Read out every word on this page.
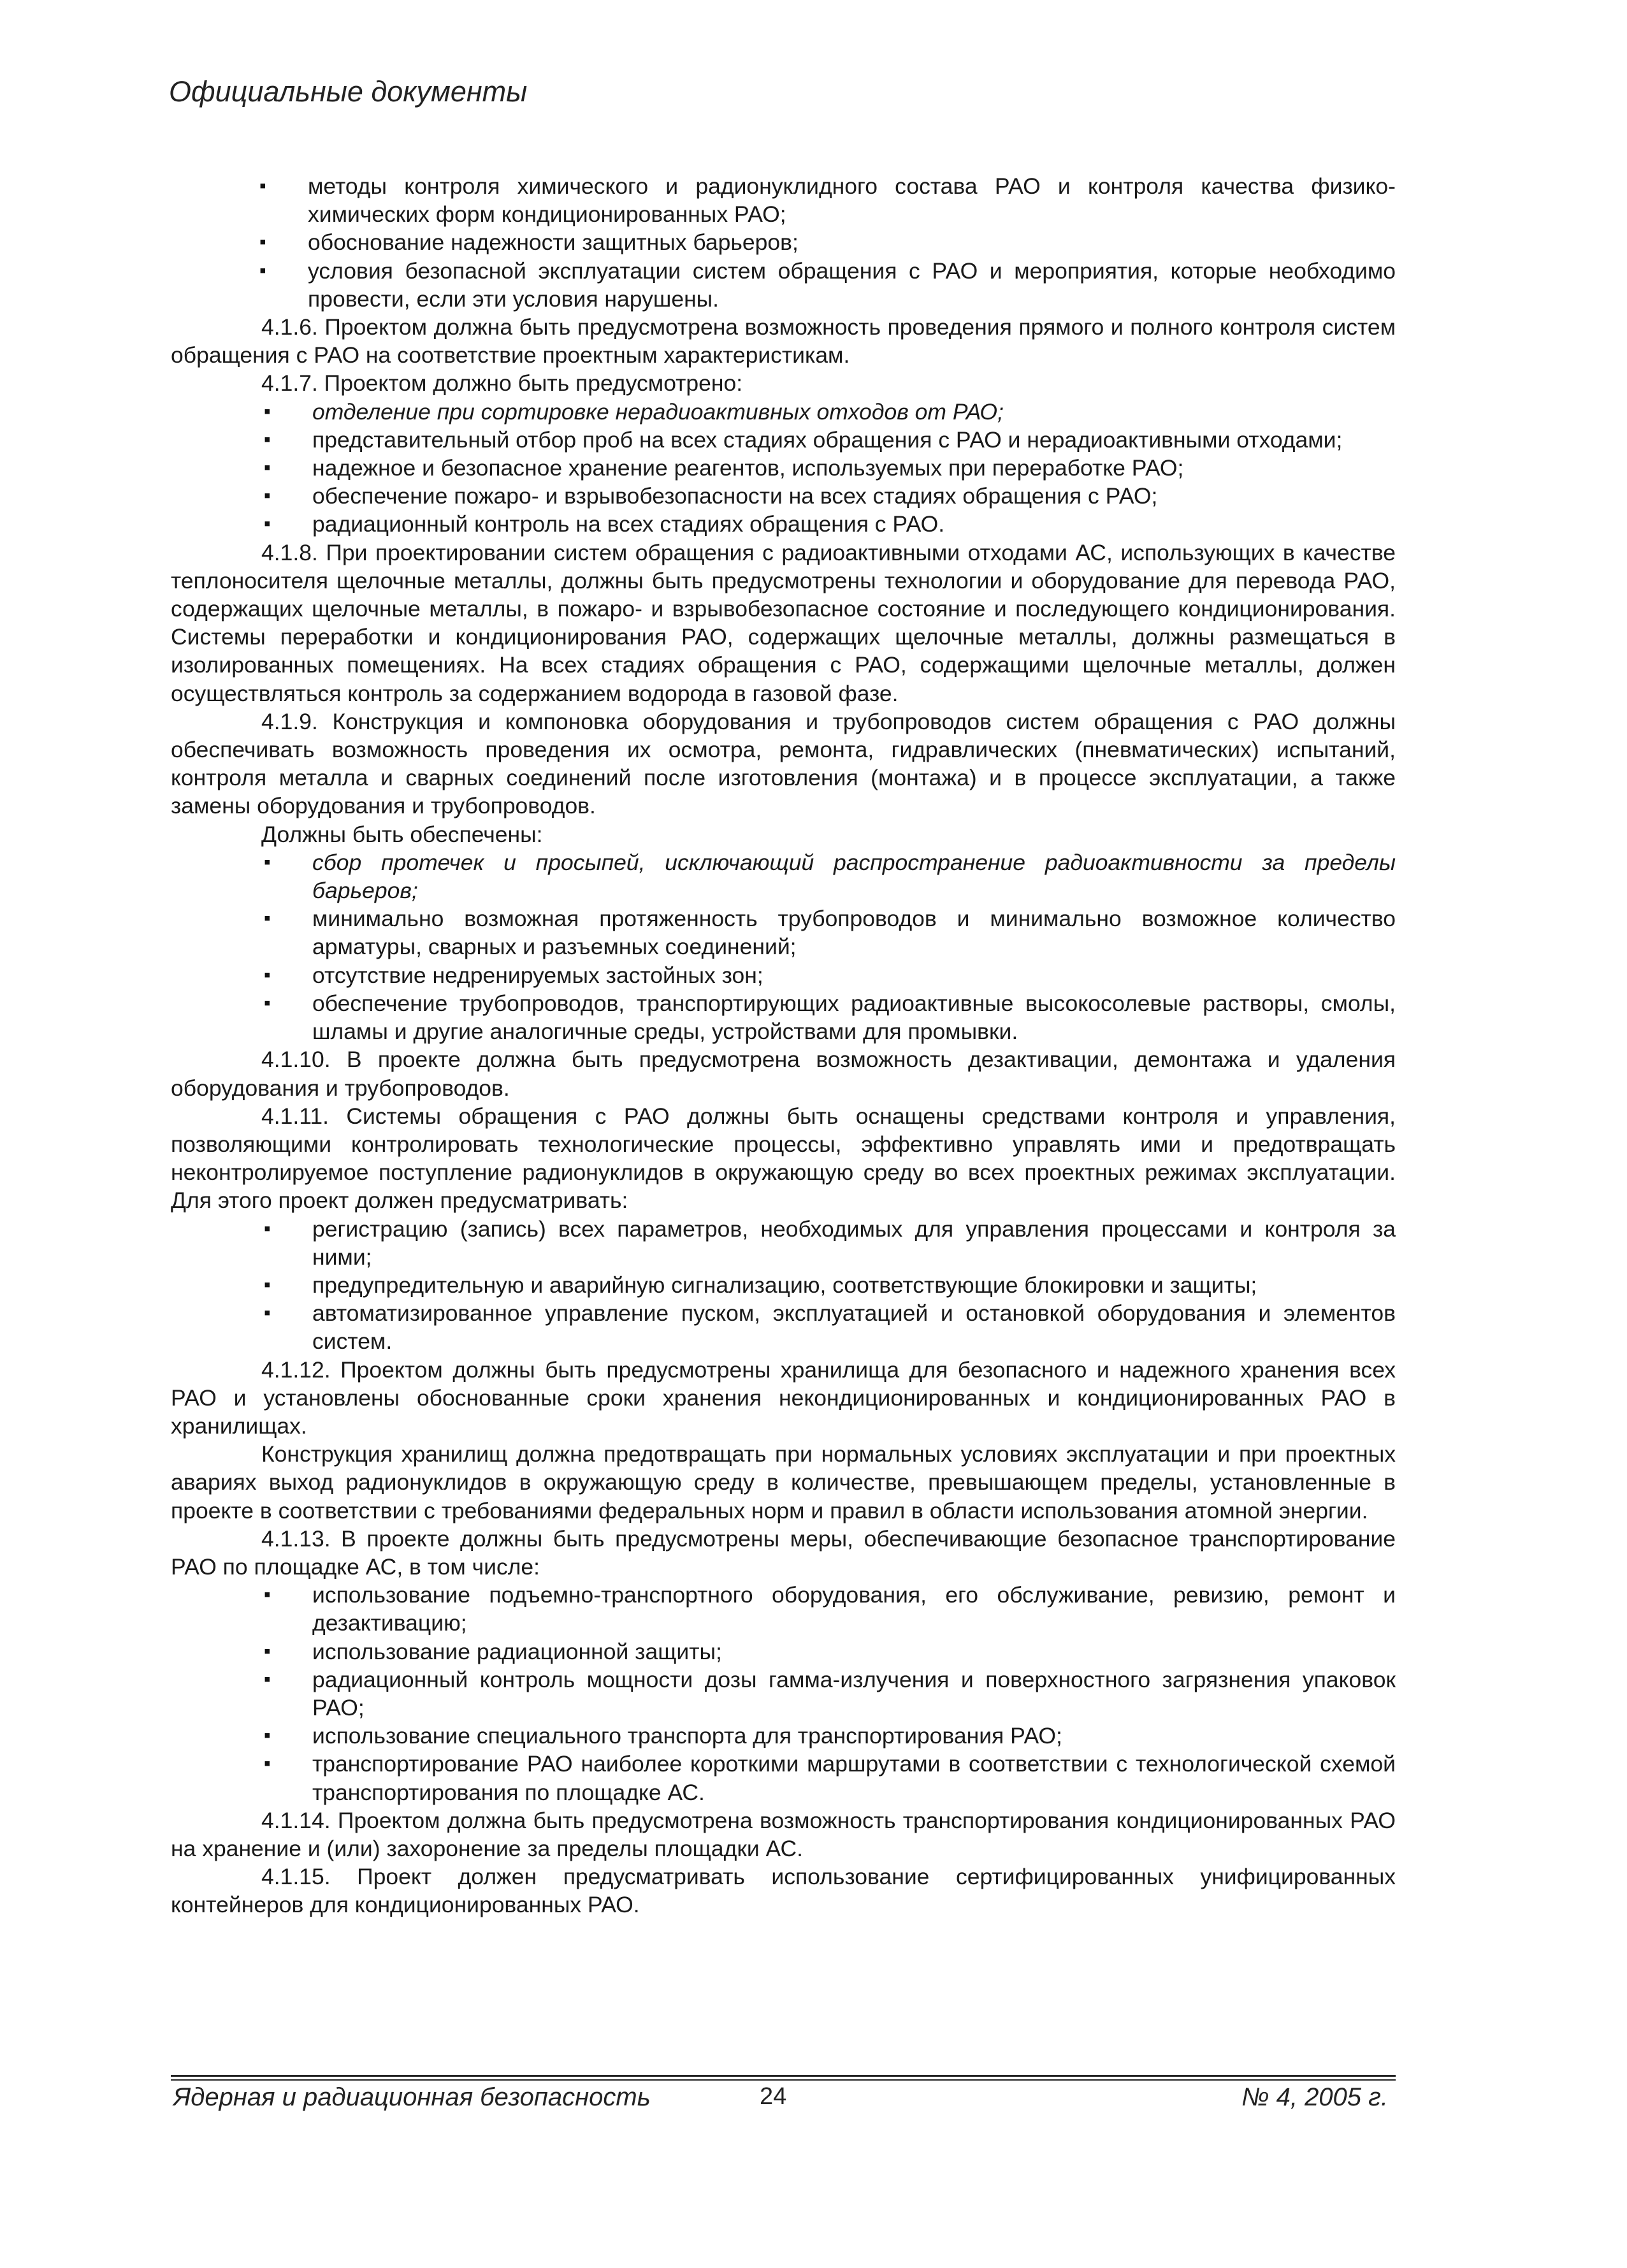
Официальные документы
▪ методы контроля химического и радионуклидного состава РАО и контроля качества физико-химических форм кондиционированных РАО;
▪ обоснование надежности защитных барьеров;
▪ условия безопасной эксплуатации систем обращения с РАО и мероприятия, которые необходимо провести, если эти условия нарушены.

4.1.6. Проектом должна быть предусмотрена возможность проведения прямого и полного контроля систем обращения с РАО на соответствие проектным характеристикам.

4.1.7. Проектом должно быть предусмотрено:

▪ отделение при сортировке нерадиоактивных отходов от РАО;
▪ представительный отбор проб на всех стадиях обращения с РАО и нерадиоактивными отходами;
▪ надежное и безопасное хранение реагентов, используемых при переработке РАО;
▪ обеспечение пожаро- и взрывобезопасности на всех стадиях обращения с РАО;
▪ радиационный контроль на всех стадиях обращения с РАО.

4.1.8. При проектировании систем обращения с радиоактивными отходами АС, использующих в качестве теплоносителя щелочные металлы, должны быть предусмотрены технологии и оборудование для перевода РАО, содержащих щелочные металлы, в пожаро- и взрывобезопасное состояние и последующего кондиционирования. Системы переработки и кондиционирования РАО, содержащих щелочные металлы, должны размещаться в изолированных помещениях. На всех стадиях обращения с РАО, содержащими щелочные металлы, должен осуществляться контроль за содержанием водорода в газовой фазе.

4.1.9. Конструкция и компоновка оборудования и трубопроводов систем обращения с РАО должны обеспечивать возможность проведения их осмотра, ремонта, гидравлических (пневматических) испытаний, контроля металла и сварных соединений после изготовления (монтажа) и в процессе эксплуатации, а также замены оборудования и трубопроводов.

Должны быть обеспечены:

▪ сбор протечек и просыпей, исключающий распространение радиоактивности за пределы барьеров;
▪ минимально возможная протяженность трубопроводов и минимально возможное количество арматуры, сварных и разъемных соединений;
▪ отсутствие недренируемых застойных зон;
▪ обеспечение трубопроводов, транспортирующих радиоактивные высокосолевые растворы, смолы, шламы и другие аналогичные среды, устройствами для промывки.

4.1.10. В проекте должна быть предусмотрена возможность дезактивации, демонтажа и удаления оборудования и трубопроводов.

4.1.11. Системы обращения с РАО должны быть оснащены средствами контроля и управления, позволяющими контролировать технологические процессы, эффективно управлять ими и предотвращать неконтролируемое поступление радионуклидов в окружающую среду во всех проектных режимах эксплуатации. Для этого проект должен предусматривать:

▪ регистрацию (запись) всех параметров, необходимых для управления процессами и контроля за ними;
▪ предупредительную и аварийную сигнализацию, соответствующие блокировки и защиты;
▪ автоматизированное управление пуском, эксплуатацией и остановкой оборудования и элементов систем.

4.1.12. Проектом должны быть предусмотрены хранилища для безопасного и надежного хранения всех РАО и установлены обоснованные сроки хранения некондиционированных и кондиционированных РАО в хранилищах.

Конструкция хранилищ должна предотвращать при нормальных условиях эксплуатации и при проектных авариях выход радионуклидов в окружающую среду в количестве, превышающем пределы, установленные в проекте в соответствии с требованиями федеральных норм и правил в области использования атомной энергии.

4.1.13. В проекте должны быть предусмотрены меры, обеспечивающие безопасное транспортирование РАО по площадке АС, в том числе:

▪ использование подъемно-транспортного оборудования, его обслуживание, ревизию, ремонт и дезактивацию;
▪ использование радиационной защиты;
▪ радиационный контроль мощности дозы гамма-излучения и поверхностного загрязнения упаковок РАО;
▪ использование специального транспорта для транспортирования РАО;
▪ транспортирование РАО наиболее короткими маршрутами в соответствии с технологической схемой транспортирования по площадке АС.

4.1.14. Проектом должна быть предусмотрена возможность транспортирования кондиционированных РАО на хранение и (или) захоронение за пределы площадки АС.

4.1.15. Проект должен предусматривать использование сертифицированных унифицированных контейнеров для кондиционированных РАО.

Ядерная и радиационная безопасность	24	№ 4, 2005 г.
